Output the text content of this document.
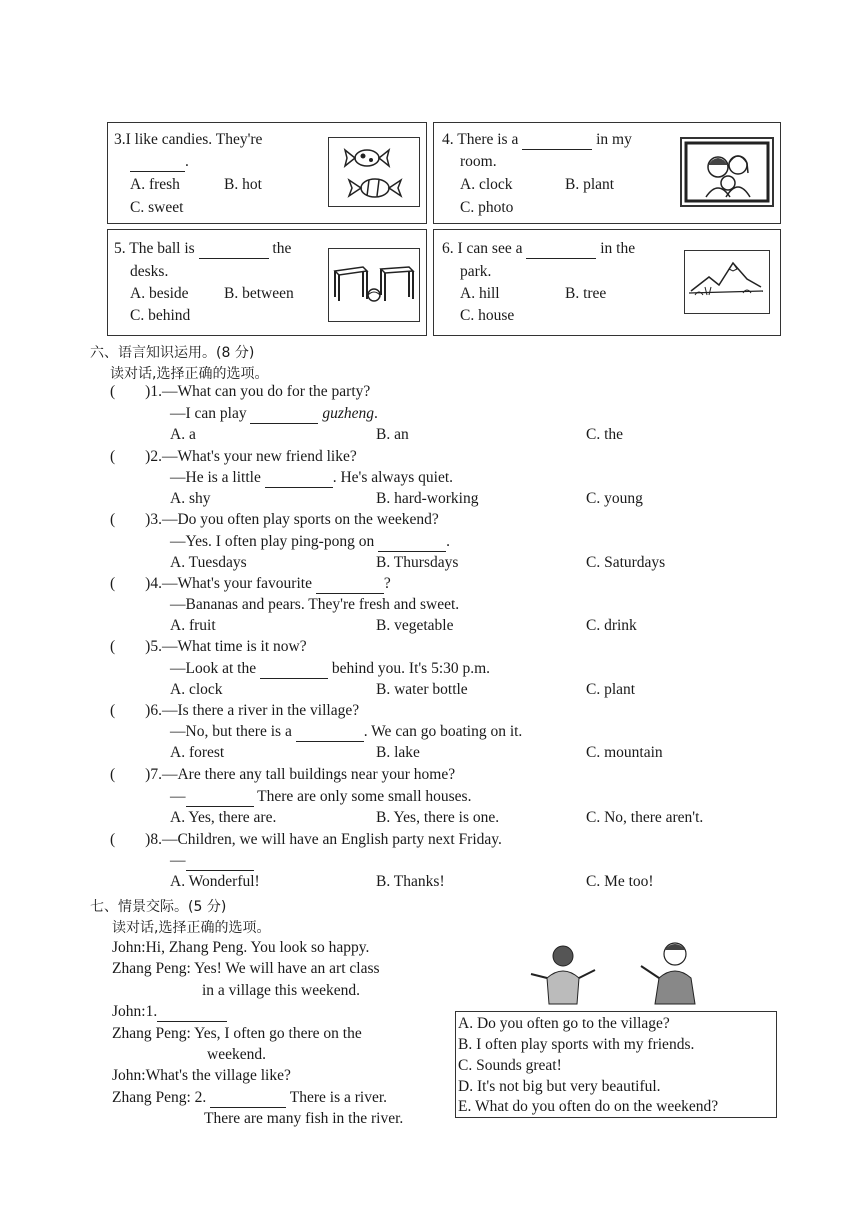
3.I like candies. They're
.
A. fresh	B. hot
C. sweet
4. There is a	in my
room.
A. clock	B. plant
C. photo
5. The ball is	the
desks.
A. beside B. between
C. behind
6. I can see a	in the
park.
A. hill	B. tree
C. house
六、语言知识运用。(8 分)
读对话,选择正确的选项。
( )1.—What can you do for the party?
—I can play	guzheng.
A. a	B. an	C. the
( )2.—What's your new friend like?
—He is a little	. He's always quiet.
A. shy	B. hard-working	C. young
( )3.—Do you often play sports on the weekend?
—Yes. I often play ping-pong on	.
A. Tuesdays	B. Thursdays	C. Saturdays
( )4.—What's your favourite	?
—Bananas and pears. They're fresh and sweet.
A. fruit	B. vegetable	C. drink
( )5.—What time is it now?
—Look at the	behind you. It's 5:30 p.m.
A. clock	B. water bottle	C. plant
( )6.—Is there a river in the village?
—No, but there is a	. We can go boating on it.
A. forest	B. lake	C. mountain
( )7.—Are there any tall buildings near your home?
—	There are only some small houses.
A. Yes, there are.	B. Yes, there is one.	C. No, there aren't.
( )8.—Children, we will have an English party next Friday.
—
A. Wonderful!	B. Thanks!	C. Me too!
七、情景交际。(5 分)
读对话,选择正确的选项。
John:Hi, Zhang Peng. You look so happy.
Zhang Peng: Yes! We will have an art class
in a village this weekend.
John:1.
Zhang Peng: Yes, I often go there on the
weekend.
John:What's the village like?
Zhang Peng: 2.	There is a river.
There are many fish in the river.
A. Do you often go to the village?
B. I often play sports with my friends.
C. Sounds great!
D. It's not big but very beautiful.
E. What do you often do on the weekend?
